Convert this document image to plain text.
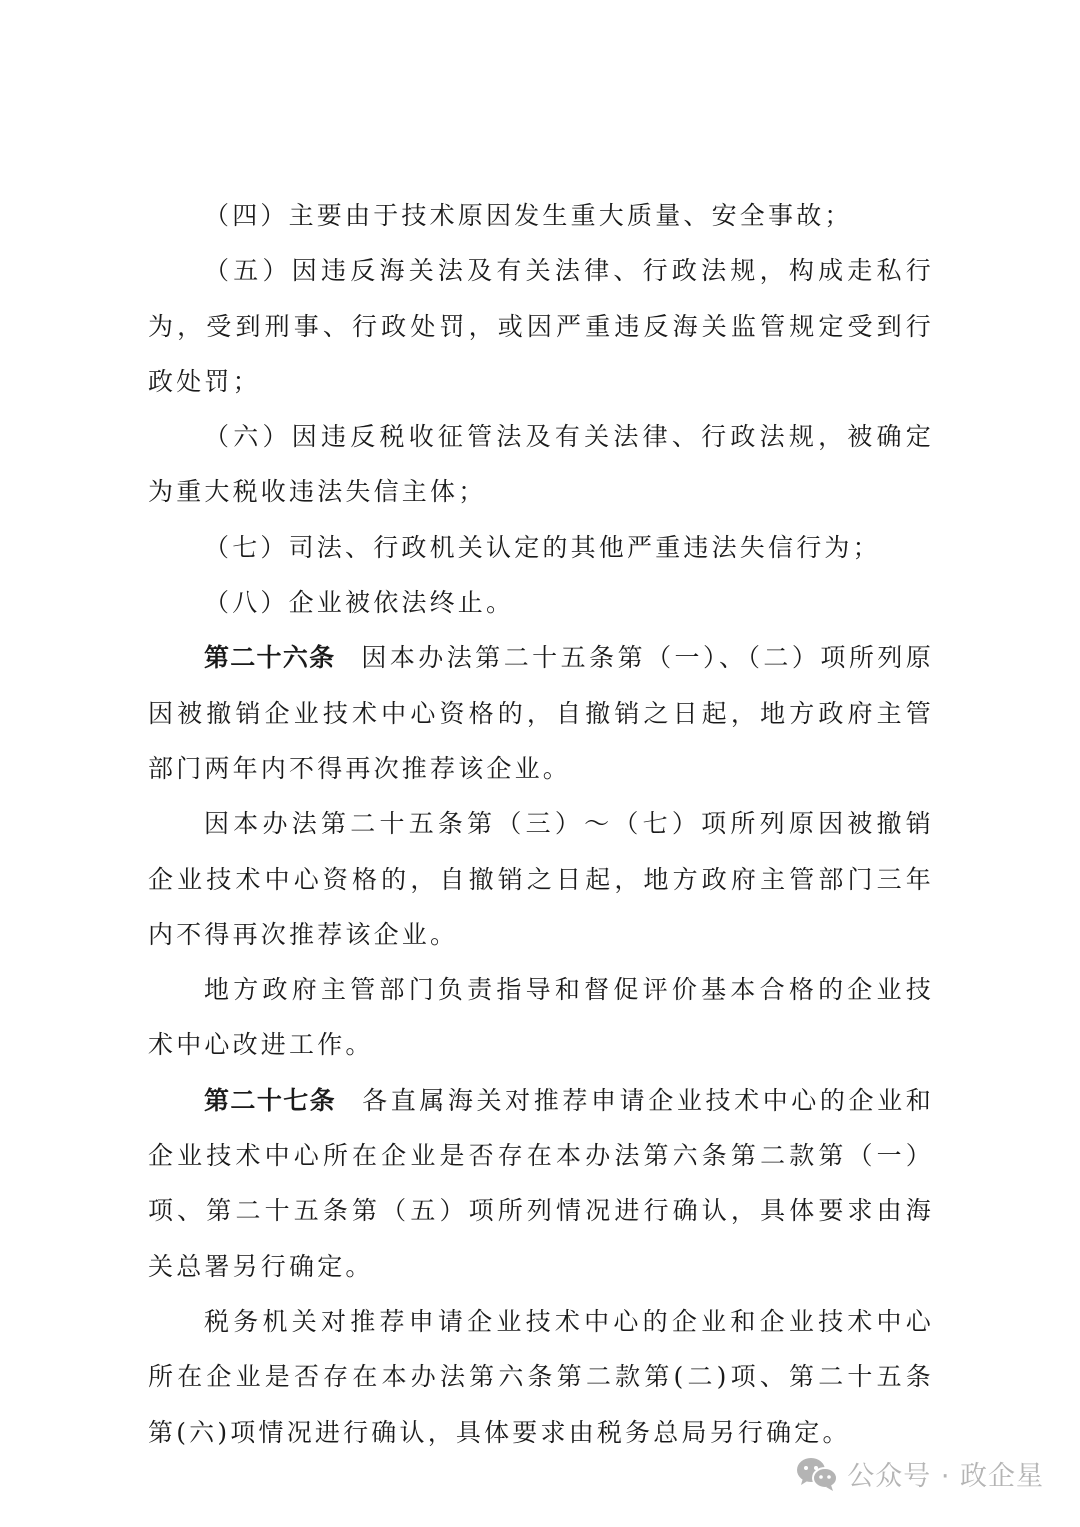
（四）主要由于技术原因发生重大质量、安全事故；

（五）因违反海关法及有关法律、行政法规，构成走私行为，受到刑事、行政处罚，或因严重违反海关监管规定受到行政处罚；

（六）因违反税收征管法及有关法律、行政法规，被确定为重大税收违法失信主体；

（七）司法、行政机关认定的其他严重违法失信行为；

（八）企业被依法终止。

第二十六条 因本办法第二十五条第（一）、（二）项所列原因被撤销企业技术中心资格的，自撤销之日起，地方政府主管部门两年内不得再次推荐该企业。

因本办法第二十五条第（三）～（七）项所列原因被撤销企业技术中心资格的，自撤销之日起，地方政府主管部门三年内不得再次推荐该企业。

地方政府主管部门负责指导和督促评价基本合格的企业技术中心改进工作。

第二十七条 各直属海关对推荐申请企业技术中心的企业和企业技术中心所在企业是否存在本办法第六条第二款第（一）项、第二十五条第（五）项所列情况进行确认，具体要求由海关总署另行确定。

税务机关对推荐申请企业技术中心的企业和企业技术中心所在企业是否存在本办法第六条第二款第(二)项、第二十五条第(六)项情况进行确认，具体要求由税务总局另行确定。

公众号 · 政企星
